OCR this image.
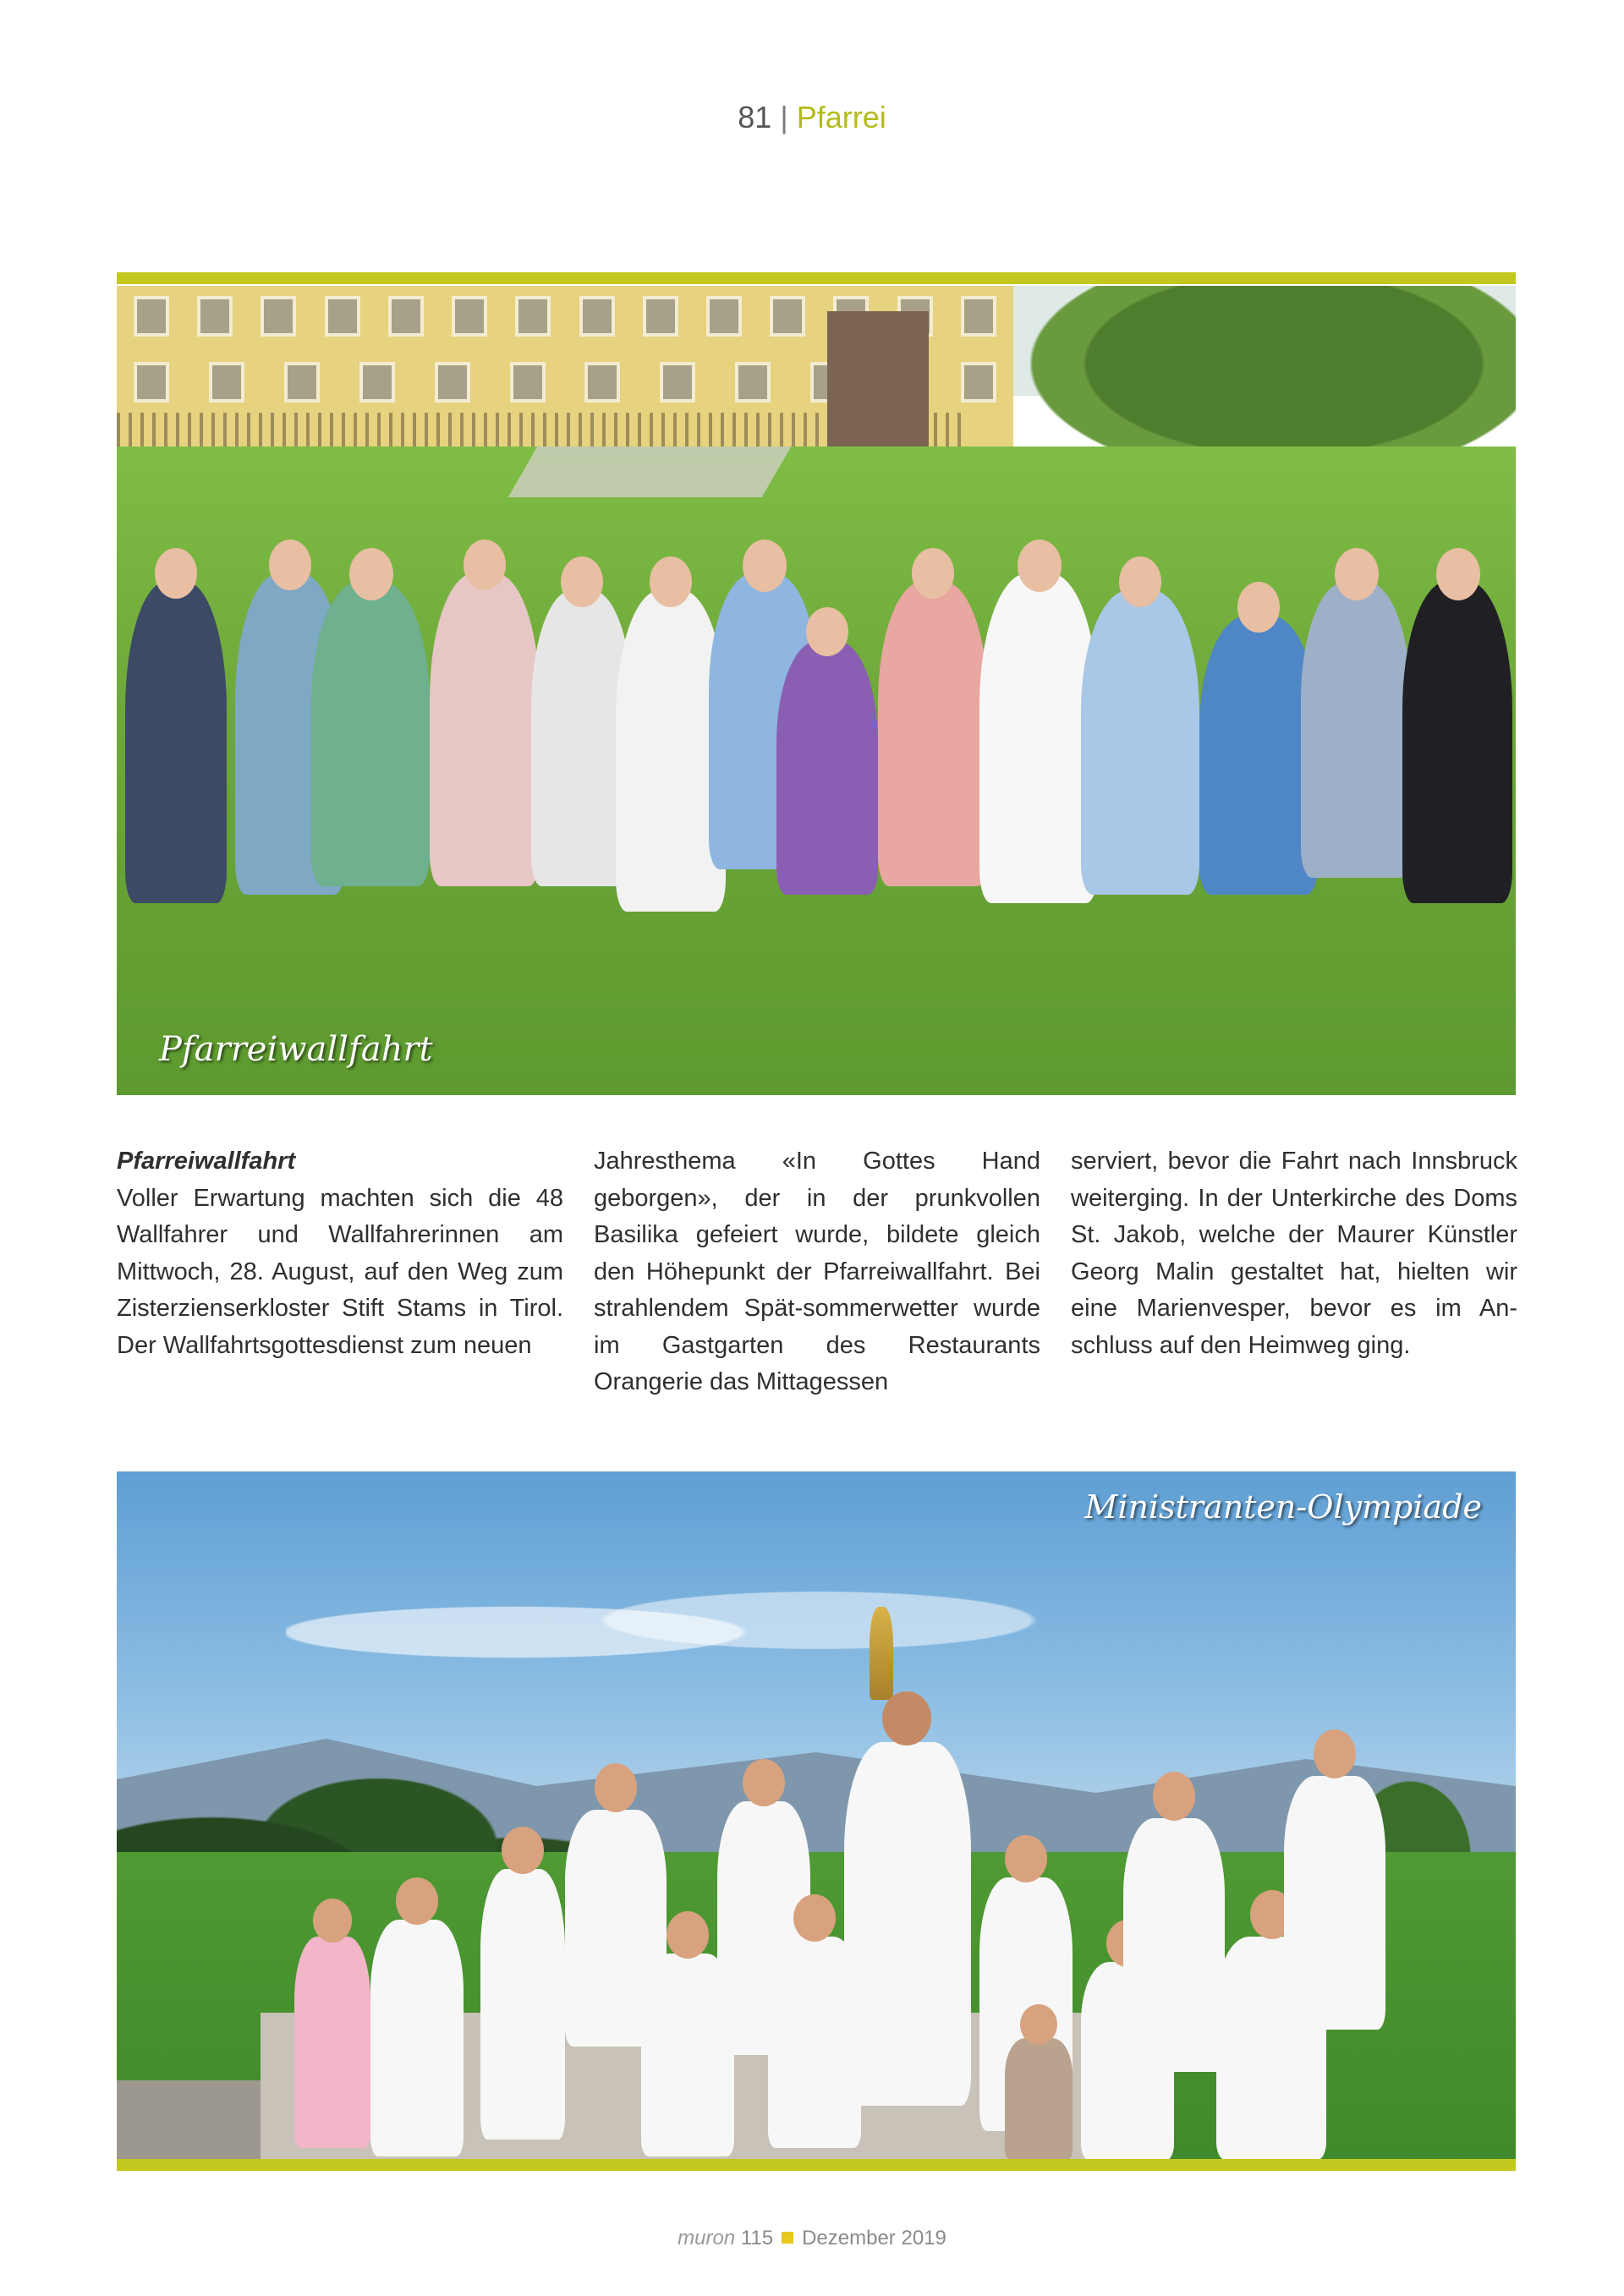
81 | Pfarrei
Pfarreiwallfahrt
Pfarreiwallfahrt
Voller Erwartung machten sich die 48 Wallfahrer und Wallfahrerinnen am Mittwoch, 28. August, auf den Weg zum Zisterzienserkloster Stift Stams in Tirol. Der Wallfahrtsgottesdienst zum neuen
Jahresthema «In Gottes Hand geborgen», der in der prunkvollen Basilika gefeiert wurde, bildete gleich den Höhepunkt der Pfarreiwallfahrt. Bei strahlendem Spät-sommerwetter wurde im Gastgarten des Restaurants Orangerie das Mittagessen
serviert, bevor die Fahrt nach Innsbruck weiterging. In der Unterkirche des Doms St. Jakob, welche der Maurer Künstler Georg Malin gestaltet hat, hielten wir eine Marienvesper, bevor es im An-schluss auf den Heimweg ging.
Ministranten-Olympiade
muron 115 Dezember 2019
